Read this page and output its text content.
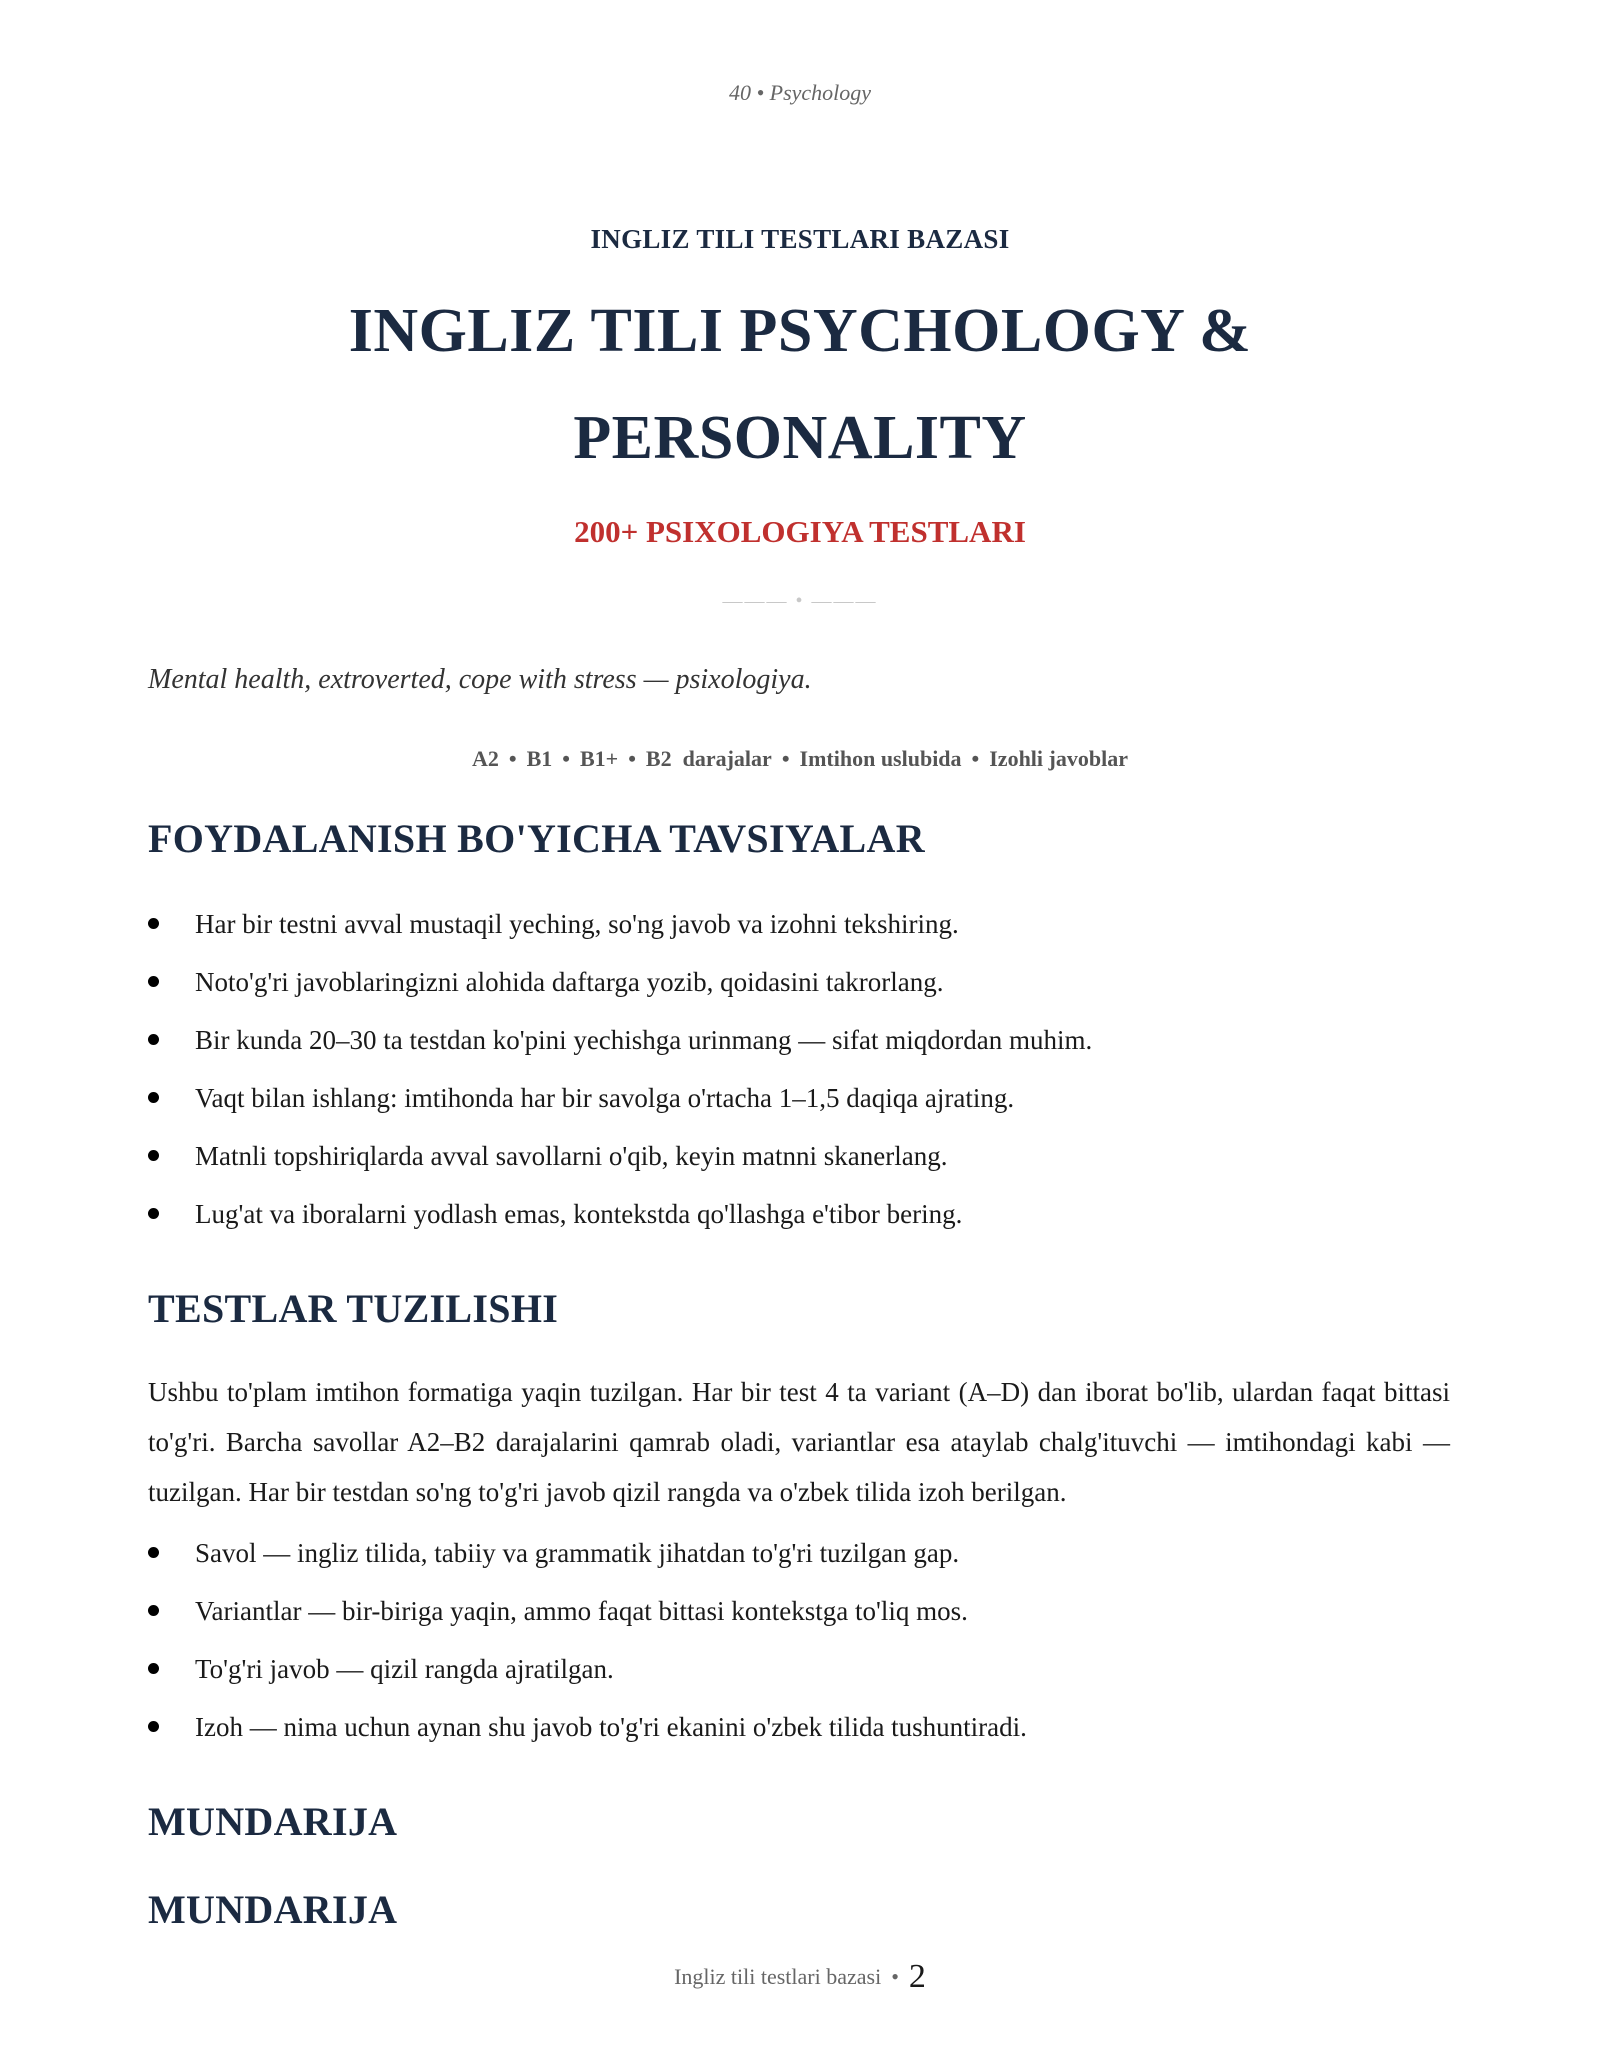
40 • Psychology
INGLIZ TILI TESTLARI BAZASI
INGLIZ TILI PSYCHOLOGY &
PERSONALITY
200+ PSIXOLOGIYA TESTLARI
——— • ———
Mental health, extroverted, cope with stress — psixologiya.
A2 • B1 • B1+ • B2  darajalar • Imtihon uslubida • Izohli javoblar
FOYDALANISH BO'YICHA TAVSIYALAR
Har bir testni avval mustaqil yeching, so'ng javob va izohni tekshiring.
Noto'g'ri javoblaringizni alohida daftarga yozib, qoidasini takrorlang.
Bir kunda 20–30 ta testdan ko'pini yechishga urinmang — sifat miqdordan muhim.
Vaqt bilan ishlang: imtihonda har bir savolga o'rtacha 1–1,5 daqiqa ajrating.
Matnli topshiriqlarda avval savollarni o'qib, keyin matnni skanerlang.
Lug'at va iboralarni yodlash emas, kontekstda qo'llashga e'tibor bering.
TESTLAR TUZILISHI
Ushbu to'plam imtihon formatiga yaqin tuzilgan. Har bir test 4 ta variant (A–D) dan iborat bo'lib, ulardan faqat bittasi to'g'ri. Barcha savollar A2–B2 darajalarini qamrab oladi, variantlar esa ataylab chalg'ituvchi — imtihondagi kabi — tuzilgan. Har bir testdan so'ng to'g'ri javob qizil rangda va o'zbek tilida izoh berilgan.
Savol — ingliz tilida, tabiiy va grammatik jihatdan to'g'ri tuzilgan gap.
Variantlar — bir-biriga yaqin, ammo faqat bittasi kontekstga to'liq mos.
To'g'ri javob — qizil rangda ajratilgan.
Izoh — nima uchun aynan shu javob to'g'ri ekanini o'zbek tilida tushuntiradi.
MUNDARIJA
MUNDARIJA
Ingliz tili testlari bazasi • 2
